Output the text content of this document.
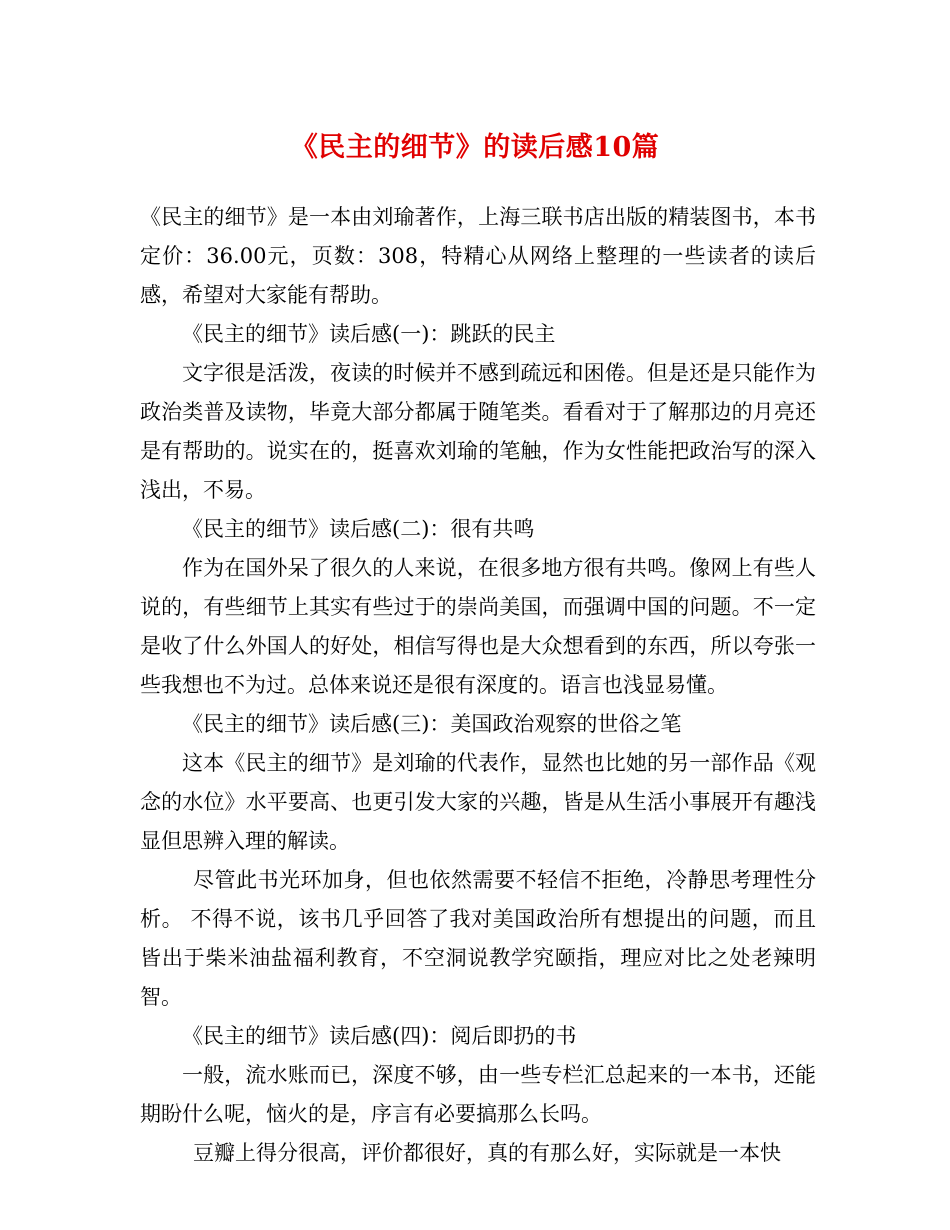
《民主的细节》的读后感10篇

《民主的细节》是一本由刘瑜著作，上海三联书店出版的精装图书，本书定价：36.00元，页数：308，特精心从网络上整理的一些读者的读后感，希望对大家能有帮助。

《民主的细节》读后感(一)：跳跃的民主

文字很是活泼，夜读的时候并不感到疏远和困倦。但是还是只能作为政治类普及读物，毕竟大部分都属于随笔类。看看对于了解那边的月亮还是有帮助的。说实在的，挺喜欢刘瑜的笔触，作为女性能把政治写的深入浅出，不易。

《民主的细节》读后感(二)：很有共鸣

作为在国外呆了很久的人来说，在很多地方很有共鸣。像网上有些人说的，有些细节上其实有些过于的崇尚美国，而强调中国的问题。不一定是收了什么外国人的好处，相信写得也是大众想看到的东西，所以夸张一些我想也不为过。总体来说还是很有深度的。语言也浅显易懂。

《民主的细节》读后感(三)：美国政治观察的世俗之笔

这本《民主的细节》是刘瑜的代表作，显然也比她的另一部作品《观念的水位》水平要高、也更引发大家的兴趣，皆是从生活小事展开有趣浅显但思辨入理的解读。

尽管此书光环加身，但也依然需要不轻信不拒绝，冷静思考理性分析。 不得不说，该书几乎回答了我对美国政治所有想提出的问题，而且皆出于柴米油盐福利教育，不空洞说教学究颐指，理应对比之处老辣明智。

《民主的细节》读后感(四)：阅后即扔的书

一般，流水账而已，深度不够，由一些专栏汇总起来的一本书，还能期盼什么呢，恼火的是，序言有必要搞那么长吗。

豆瓣上得分很高，评价都很好，真的有那么好，实际就是一本快
